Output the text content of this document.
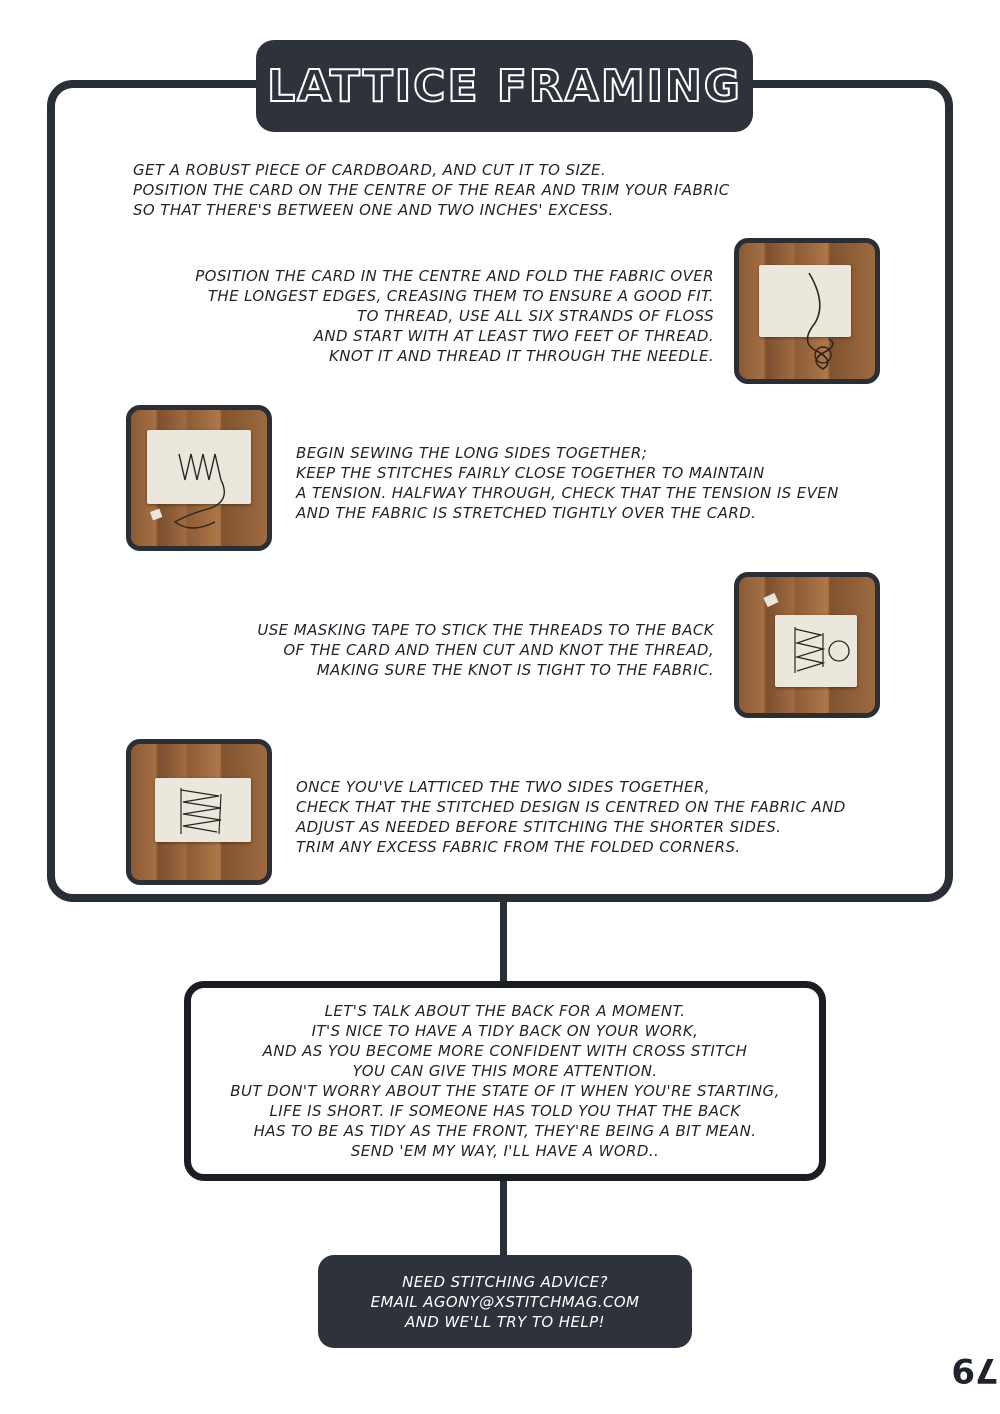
LATTICE FRAMING
GET A ROBUST PIECE OF CARDBOARD, AND CUT IT TO SIZE.
POSITION THE CARD ON THE CENTRE OF THE REAR AND TRIM YOUR FABRIC
SO THAT THERE'S BETWEEN ONE AND TWO INCHES' EXCESS.
POSITION THE CARD IN THE CENTRE AND FOLD THE FABRIC OVER
THE LONGEST EDGES, CREASING THEM TO ENSURE A GOOD FIT.
TO THREAD, USE ALL SIX STRANDS OF FLOSS
AND START WITH AT LEAST TWO FEET OF THREAD.
KNOT IT AND THREAD IT THROUGH THE NEEDLE.
BEGIN SEWING THE LONG SIDES TOGETHER;
KEEP THE STITCHES FAIRLY CLOSE TOGETHER TO MAINTAIN
A TENSION. HALFWAY THROUGH, CHECK THAT THE TENSION IS EVEN
AND THE FABRIC IS STRETCHED TIGHTLY OVER THE CARD.
USE MASKING TAPE TO STICK THE THREADS TO THE BACK
OF THE CARD AND THEN CUT AND KNOT THE THREAD,
MAKING SURE THE KNOT IS TIGHT TO THE FABRIC.
ONCE YOU'VE LATTICED THE TWO SIDES TOGETHER,
CHECK THAT THE STITCHED DESIGN IS CENTRED ON THE FABRIC AND
ADJUST AS NEEDED BEFORE STITCHING THE SHORTER SIDES.
TRIM ANY EXCESS FABRIC FROM THE FOLDED CORNERS.
LET'S TALK ABOUT THE BACK FOR A MOMENT.
IT'S NICE TO HAVE A TIDY BACK ON YOUR WORK,
AND AS YOU BECOME MORE CONFIDENT WITH CROSS STITCH
YOU CAN GIVE THIS MORE ATTENTION.
BUT DON'T WORRY ABOUT THE STATE OF IT WHEN YOU'RE STARTING,
LIFE IS SHORT. IF SOMEONE HAS TOLD YOU THAT THE BACK
HAS TO BE AS TIDY AS THE FRONT, THEY'RE BEING A BIT MEAN.
SEND 'EM MY WAY, I'LL HAVE A WORD..
NEED STITCHING ADVICE?
EMAIL AGONY@XSTITCHMAG.COM
AND WE'LL TRY TO HELP!
79
